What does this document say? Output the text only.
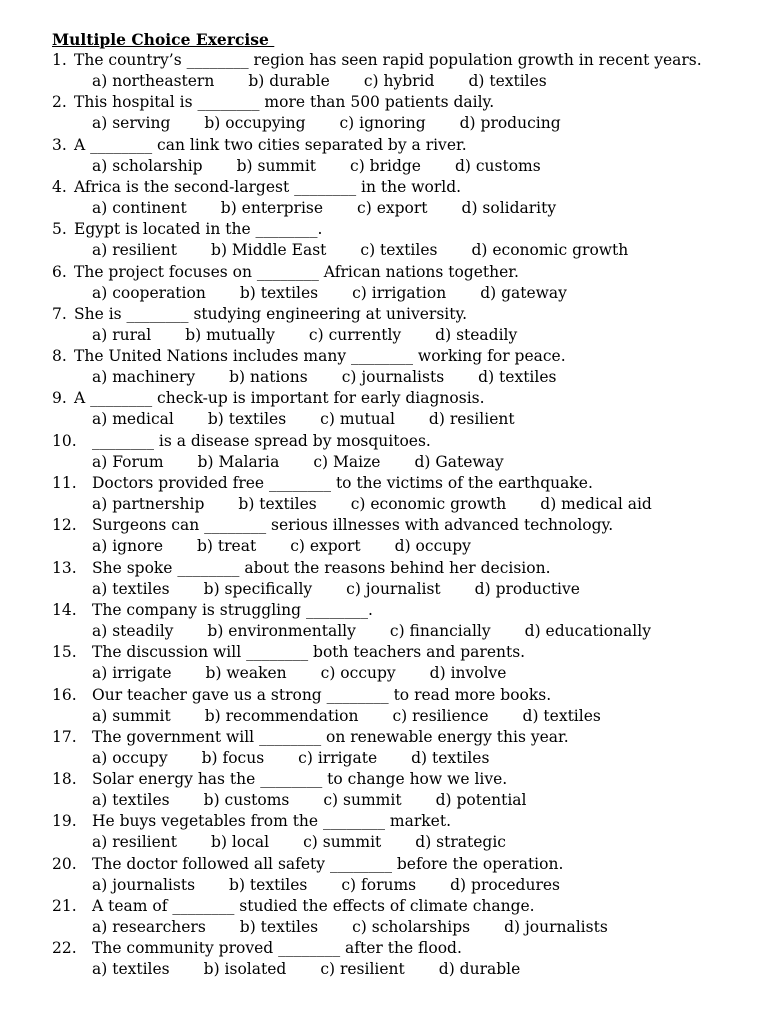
Multiple Choice Exercise
1. The country’s ________ region has seen rapid population growth in recent years.
a) northeastern b) durable c) hybrid d) textiles
2. This hospital is ________ more than 500 patients daily.
a) serving b) occupying c) ignoring d) producing
3. A ________ can link two cities separated by a river.
a) scholarship b) summit c) bridge d) customs
4. Africa is the second-largest ________ in the world.
a) continent b) enterprise c) export d) solidarity
5. Egypt is located in the ________.
a) resilient b) Middle East c) textiles d) economic growth
6. The project focuses on ________ African nations together.
a) cooperation b) textiles c) irrigation d) gateway
7. She is ________ studying engineering at university.
a) rural b) mutually c) currently d) steadily
8. The United Nations includes many ________ working for peace.
a) machinery b) nations c) journalists d) textiles
9. A ________ check-up is important for early diagnosis.
a) medical b) textiles c) mutual d) resilient
10. ________ is a disease spread by mosquitoes.
a) Forum b) Malaria c) Maize d) Gateway
11. Doctors provided free ________ to the victims of the earthquake.
a) partnership b) textiles c) economic growth d) medical aid
12. Surgeons can ________ serious illnesses with advanced technology.
a) ignore b) treat c) export d) occupy
13. She spoke ________ about the reasons behind her decision.
a) textiles b) specifically c) journalist d) productive
14. The company is struggling ________.
a) steadily b) environmentally c) financially d) educationally
15. The discussion will ________ both teachers and parents.
a) irrigate b) weaken c) occupy d) involve
16. Our teacher gave us a strong ________ to read more books.
a) summit b) recommendation c) resilience d) textiles
17. The government will ________ on renewable energy this year.
a) occupy b) focus c) irrigate d) textiles
18. Solar energy has the ________ to change how we live.
a) textiles b) customs c) summit d) potential
19. He buys vegetables from the ________ market.
a) resilient b) local c) summit d) strategic
20. The doctor followed all safety ________ before the operation.
a) journalists b) textiles c) forums d) procedures
21. A team of ________ studied the effects of climate change.
a) researchers b) textiles c) scholarships d) journalists
22. The community proved ________ after the flood.
a) textiles b) isolated c) resilient d) durable
